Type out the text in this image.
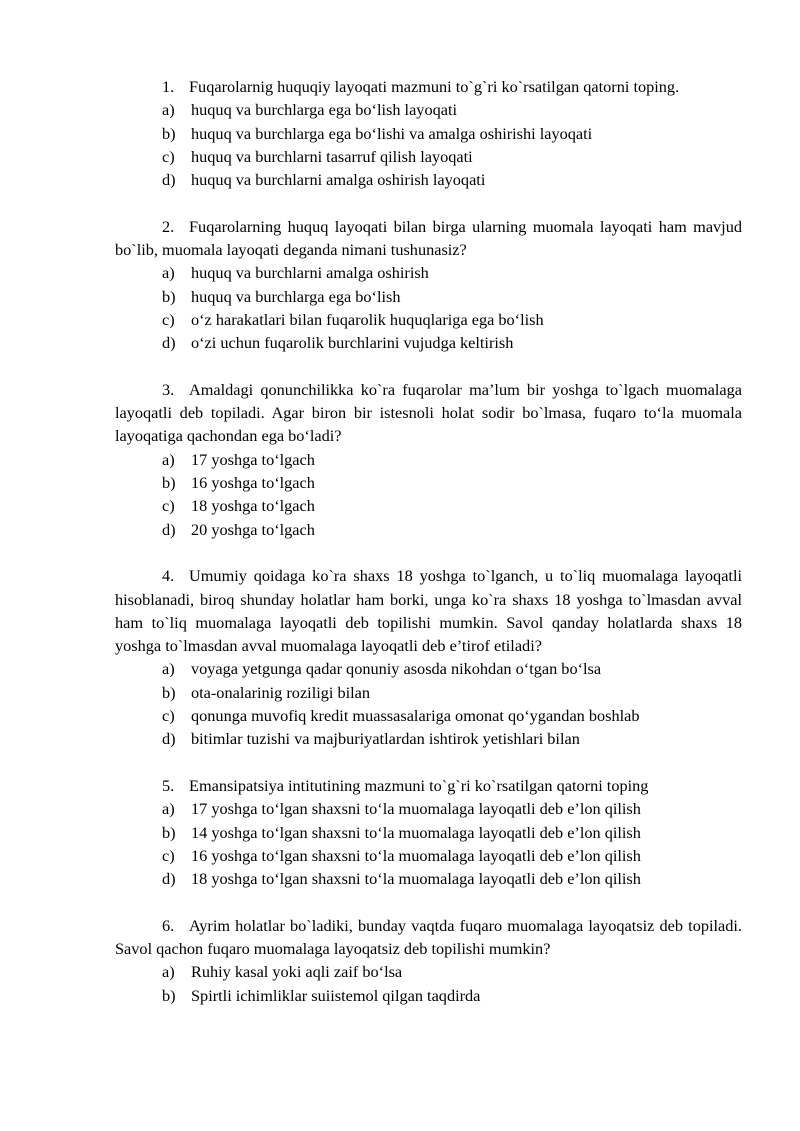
1. Fuqarolarnig huquqiy layoqati mazmuni to`g`ri ko`rsatilgan qatorni toping.

a) huquq va burchlarga ega bo‘lish layoqati
b) huquq va burchlarga ega bo‘lishi va amalga oshirishi layoqati
c) huquq va burchlarni tasarruf qilish layoqati
d) huquq va burchlarni amalga oshirish layoqati

2. Fuqarolarning huquq layoqati bilan birga ularning muomala layoqati ham mavjud bo`lib, muomala layoqati deganda nimani tushunasiz?

a) huquq va burchlarni amalga oshirish
b) huquq va burchlarga ega bo‘lish
c) o‘z harakatlari bilan fuqarolik huquqlariga ega bo‘lish
d) o‘zi uchun fuqarolik burchlarini vujudga keltirish

3. Amaldagi qonunchilikka ko`ra fuqarolar ma’lum bir yoshga to`lgach muomalaga layoqatli deb topiladi. Agar biron bir istesnoli holat sodir bo`lmasa, fuqaro to‘la muomala layoqatiga qachondan ega bo‘ladi?

a) 17 yoshga to‘lgach
b) 16 yoshga to‘lgach
c) 18 yoshga to‘lgach
d) 20 yoshga to‘lgach

4. Umumiy qoidaga ko`ra shaxs 18 yoshga to`lganch, u to`liq muomalaga layoqatli hisoblanadi, biroq shunday holatlar ham borki, unga ko`ra shaxs 18 yoshga to`lmasdan avval ham to`liq muomalaga layoqatli deb topilishi mumkin. Savol qanday holatlarda shaxs 18 yoshga to`lmasdan avval muomalaga layoqatli deb e’tirof etiladi?

a) voyaga yetgunga qadar qonuniy asosda nikohdan o‘tgan bo‘lsa
b) ota-onalarinig roziligi bilan
c) qonunga muvofiq kredit muassasalariga omonat qo‘ygandan boshlab
d) bitimlar tuzishi va majburiyatlardan ishtirok yetishlari bilan

5. Emansipatsiya intitutining mazmuni to`g`ri ko`rsatilgan qatorni toping

a) 17 yoshga to‘lgan shaxsni to‘la muomalaga layoqatli deb e’lon qilish
b) 14 yoshga to‘lgan shaxsni to‘la muomalaga layoqatli deb e’lon qilish
c) 16 yoshga to‘lgan shaxsni to‘la muomalaga layoqatli deb e’lon qilish
d) 18 yoshga to‘lgan shaxsni to‘la muomalaga layoqatli deb e’lon qilish

6. Ayrim holatlar bo`ladiki, bunday vaqtda fuqaro muomalaga layoqatsiz deb topiladi. Savol qachon fuqaro muomalaga layoqatsiz deb topilishi mumkin?

a) Ruhiy kasal yoki aqli zaif bo‘lsa
b) Spirtli ichimliklar suiistemol qilgan taqdirda
